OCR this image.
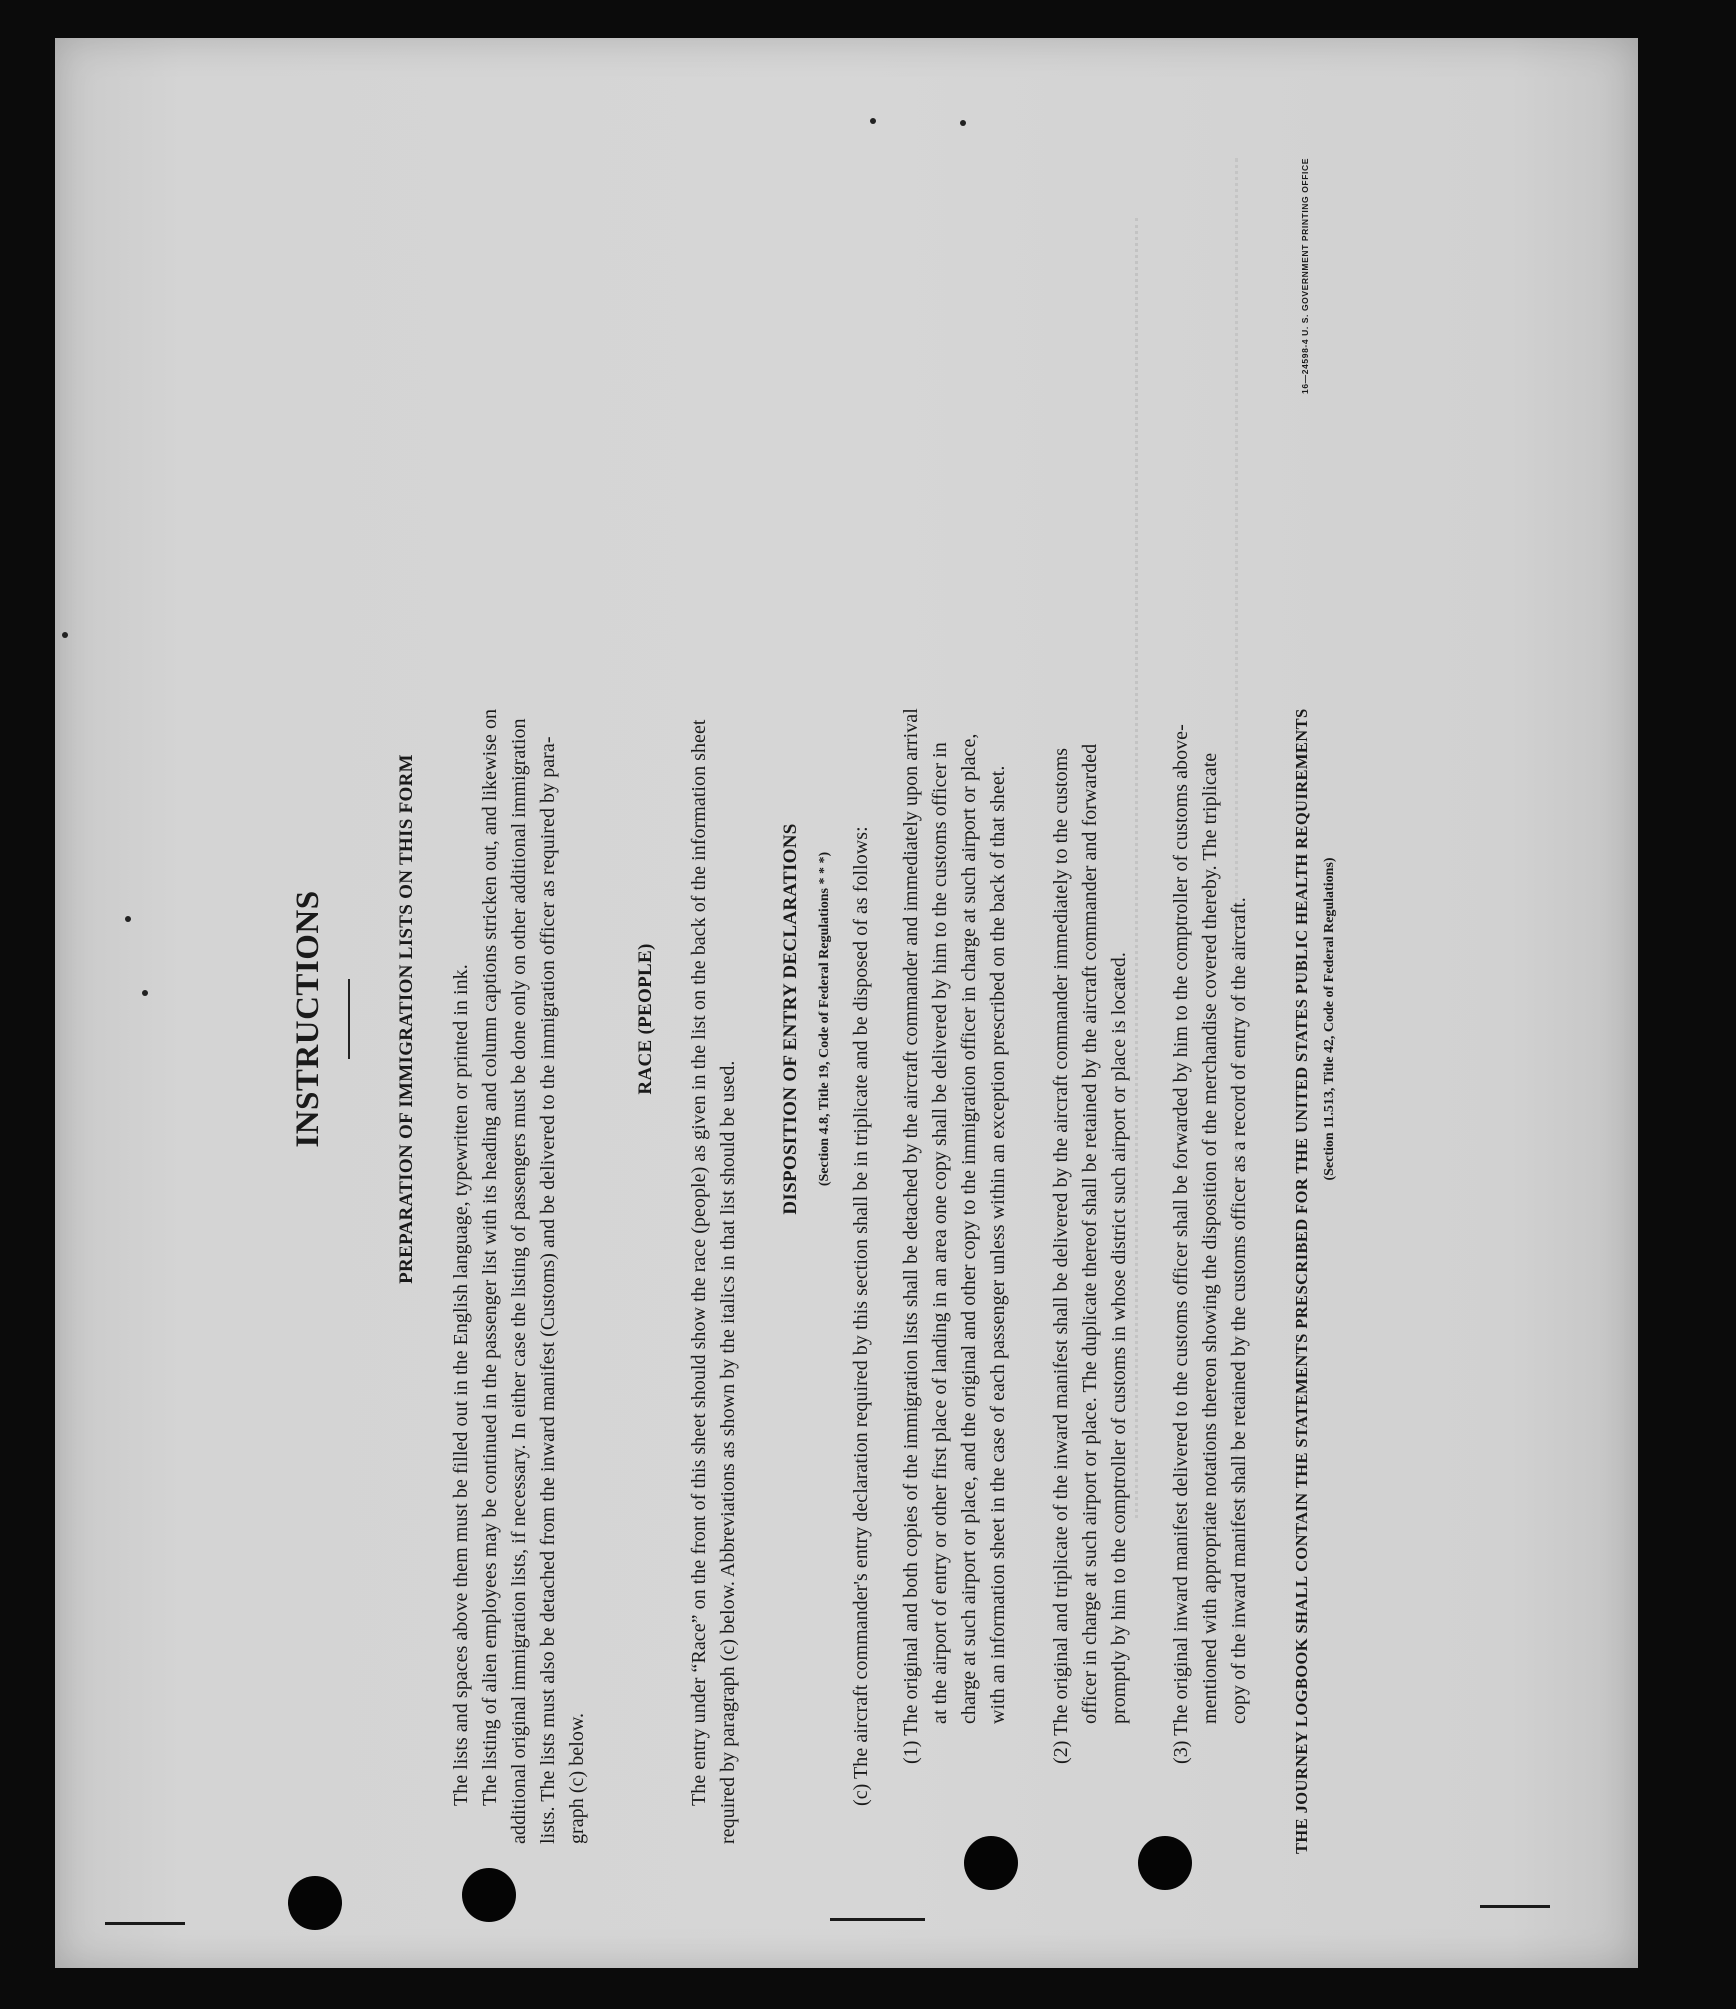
INSTRUCTIONS	PREPARATION OF IMMIGRATION LISTS ON THIS FORM The lists and spaces above them must be filled out in the English language, typewritten or printed in ink. The listing of alien employees may be continued in the passenger list with its heading and column captions stricken out, and likewise on additional original immigration lists, if necessary. In either case the listing of passengers must be done only on other additional immigration lists. The lists must also be detached from the inward manifest (Customs) and be delivered to the immigration officer as required by para- graph (c) below.
RACE (PEOPLE) The entry under “Race” on the front of this sheet should show the race (people) as given in the list on the back of the information sheet required by paragraph (c) below. Abbreviations as shown by the italics in that list should be used.
DISPOSITION OF ENTRY DECLARATIONS (Section 4.8, Title 19, Code of Federal Regulations * * *) (c) The aircraft commander's entry declaration required by this section shall be in triplicate and be disposed of as follows: (1) The original and both copies of the immigration lists shall be detached by the aircraft commander and immediately upon arrival at the airport of entry or other first place of landing in an area one copy shall be delivered by him to the customs officer in charge at such airport or place, and the original and other copy to the immigration officer in charge at such airport or place, with an information sheet in the case of each passenger unless within an exception prescribed on the back of that sheet. (2) The original and triplicate of the inward manifest shall be delivered by the aircraft commander immediately to the customs officer in charge at such airport or place. The duplicate thereof shall be retained by the aircraft commander and forwarded promptly by him to the comptroller of customs in whose district such airport or place is located. (3) The original inward manifest delivered to the customs officer shall be forwarded by him to the comptroller of customs above- mentioned with appropriate notations thereon showing the disposition of the merchandise covered thereby. The triplicate copy of the inward manifest shall be retained by the customs officer as a record of entry of the aircraft.	THE JOURNEY LOGBOOK SHALL CONTAIN THE STATEMENTS PRESCRIBED FOR THE UNITED STATES PUBLIC HEALTH REQUIREMENTS (Section 11.513, Title 42, Code of Federal Regulations)
16—24598-4 U. S. GOVERNMENT PRINTING OFFICE
